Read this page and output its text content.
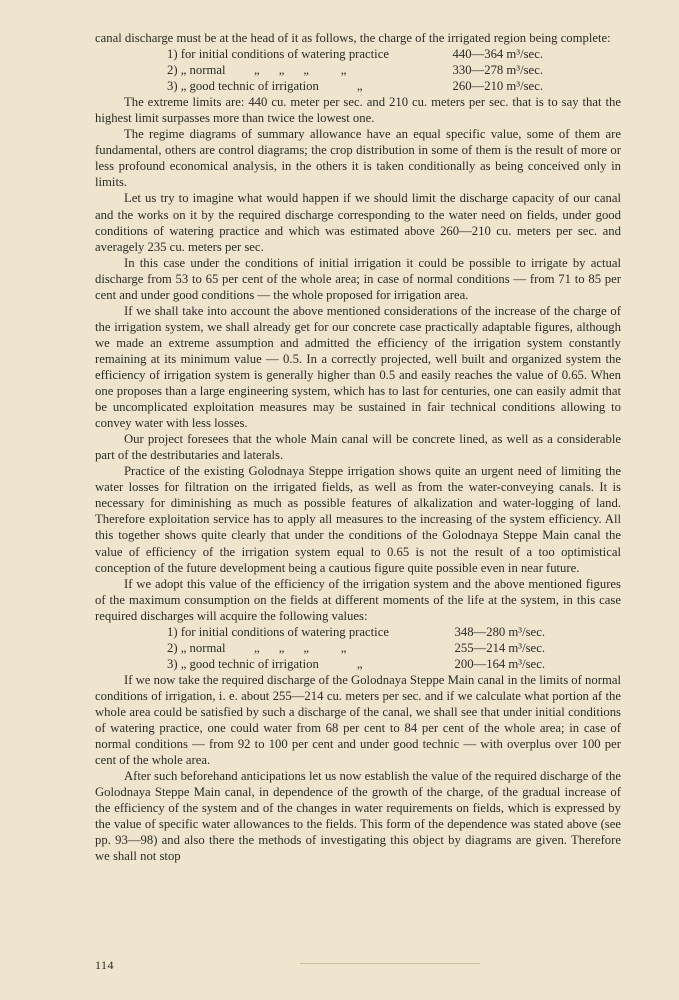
canal discharge must be at the head of it as follows, the charge of the irrigated region being complete:

1) for initial conditions of watering practice	440—364 m³/sec.
2) „ normal         „      „      „          „	330—278 m³/sec.
3) „ good technic of irrigation            „	260—210 m³/sec.

The extreme limits are: 440 cu. meter per sec. and 210 cu. meters per sec. that is to say that the highest limit surpasses more than twice the lowest one.

The regime diagrams of summary allowance have an equal specific value, some of them are fundamental, others are control diagrams; the crop distribution in some of them is the result of more or less profound economical analysis, in the others it is taken conditionally as being conceived only in limits.

Let us try to imagine what would happen if we should limit the discharge capacity of our canal and the works on it by the required discharge corresponding to the water need on fields, under good conditions of watering practice and which was estimated above 260—210 cu. meters per sec. and averagely 235 cu. meters per sec.

In this case under the conditions of initial irrigation it could be possible to irrigate by actual discharge from 53 to 65 per cent of the whole area; in case of normal conditions — from 71 to 85 per cent and under good conditions — the whole proposed for irrigation area.

If we shall take into account the above mentioned considerations of the increase of the charge of the irrigation system, we shall already get for our concrete case practically adaptable figures, although we made an extreme assumption and admitted the efficiency of the irrigation system constantly remaining at its minimum value — 0.5. In a correctly projected, well built and organized system the efficiency of irrigation system is generally higher than 0.5 and easily reaches the value of 0.65. When one proposes than a large engineering system, which has to last for centuries, one can easily admit that be uncomplicated exploitation measures may be sustained in fair technical conditions allowing to convey water with less losses.

Our project foresees that the whole Main canal will be concrete lined, as well as a considerable part of the destributaries and laterals.

Practice of the existing Golodnaya Steppe irrigation shows quite an urgent need of limiting the water losses for filtration on the irrigated fields, as well as from the water-conveying canals. It is necessary for diminishing as much as possible features of alkalization and water-logging of land. Therefore exploitation service has to apply all measures to the increasing of the system efficiency. All this together shows quite clearly that under the conditions of the Golodnaya Steppe Main canal the value of efficiency of the irrigation system equal to 0.65 is not the result of a too optimistical conception of the future development being a cautious figure quite possible even in near future.

If we adopt this value of the efficiency of the irrigation system and the above mentioned figures of the maximum consumption on the fields at different moments of the life at the system, in this case required discharges will acquire the following values:

1) for initial conditions of watering practice	348—280 m³/sec.
2) „ normal         „      „      „          „	255—214 m³/sec.
3) „ good technic of irrigation            „	200—164 m³/sec.

If we now take the required discharge of the Golodnaya Steppe Main canal in the limits of normal conditions of irrigation, i. e. about 255—214 cu. meters per sec. and if we calculate what portion af the whole area could be satisfied by such a discharge of the canal, we shall see that under initial conditions of watering practice, one could water from 68 per cent to 84 per cent of the whole area; in case of normal conditions — from 92 to 100 per cent and under good technic — with overplus over 100 per cent of the whole area.

After such beforehand anticipations let us now establish the value of the required discharge of the Golodnaya Steppe Main canal, in dependence of the growth of the charge, of the gradual increase of the efficiency of the system and of the changes in water requirements on fields, which is expressed by the value of specific water allowances to the fields. This form of the dependence was stated above (see pp. 93—98) and also there the methods of investigating this object by diagrams are given. Therefore we shall not stop

114
